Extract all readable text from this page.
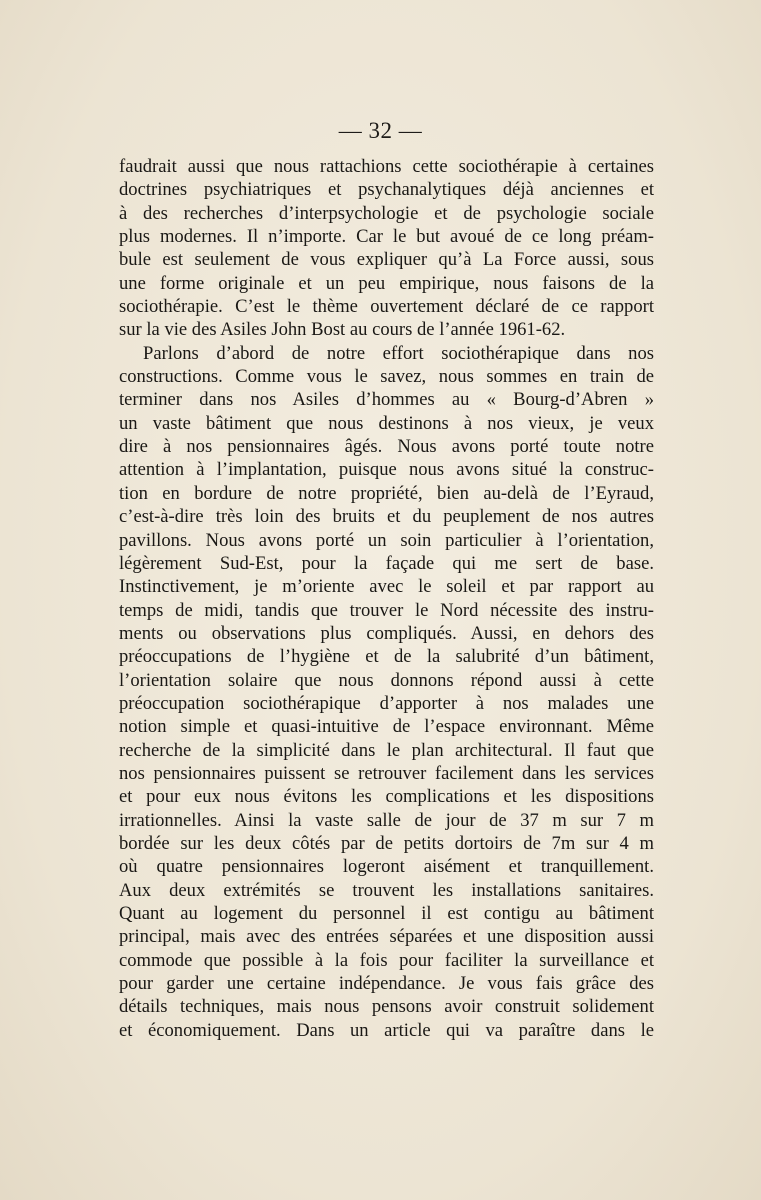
— 32 —
faudrait aussi que nous rattachions cette sociothérapie à certaines
doctrines psychiatriques et psychanalytiques déjà anciennes et
à des recherches d’interpsychologie et de psychologie sociale
plus modernes. Il n’importe. Car le but avoué de ce long préam-
bule est seulement de vous expliquer qu’à La Force aussi, sous
une forme originale et un peu empirique, nous faisons de la
sociothérapie. C’est le thème ouvertement déclaré de ce rapport
sur la vie des Asiles John Bost au cours de l’année 1961-62.
Parlons d’abord de notre effort sociothérapique dans nos
constructions. Comme vous le savez, nous sommes en train de
terminer dans nos Asiles d’hommes au « Bourg-d’Abren »
un vaste bâtiment que nous destinons à nos vieux, je veux
dire à nos pensionnaires âgés. Nous avons porté toute notre
attention à l’implantation, puisque nous avons situé la construc-
tion en bordure de notre propriété, bien au-delà de l’Eyraud,
c’est-à-dire très loin des bruits et du peuplement de nos autres
pavillons. Nous avons porté un soin particulier à l’orientation,
légèrement Sud-Est, pour la façade qui me sert de base.
Instinctivement, je m’oriente avec le soleil et par rapport au
temps de midi, tandis que trouver le Nord nécessite des instru-
ments ou observations plus compliqués. Aussi, en dehors des
préoccupations de l’hygiène et de la salubrité d’un bâtiment,
l’orientation solaire que nous donnons répond aussi à cette
préoccupation sociothérapique d’apporter à nos malades une
notion simple et quasi-intuitive de l’espace environnant. Même
recherche de la simplicité dans le plan architectural. Il faut que
nos pensionnaires puissent se retrouver facilement dans les services
et pour eux nous évitons les complications et les dispositions
irrationnelles. Ainsi la vaste salle de jour de 37 m sur 7 m
bordée sur les deux côtés par de petits dortoirs de 7m sur 4 m
où quatre pensionnaires logeront aisément et tranquillement.
Aux deux extrémités se trouvent les installations sanitaires.
Quant au logement du personnel il est contigu au bâtiment
principal, mais avec des entrées séparées et une disposition aussi
commode que possible à la fois pour faciliter la surveillance et
pour garder une certaine indépendance. Je vous fais grâce des
détails techniques, mais nous pensons avoir construit solidement
et économiquement. Dans un article qui va paraître dans le
